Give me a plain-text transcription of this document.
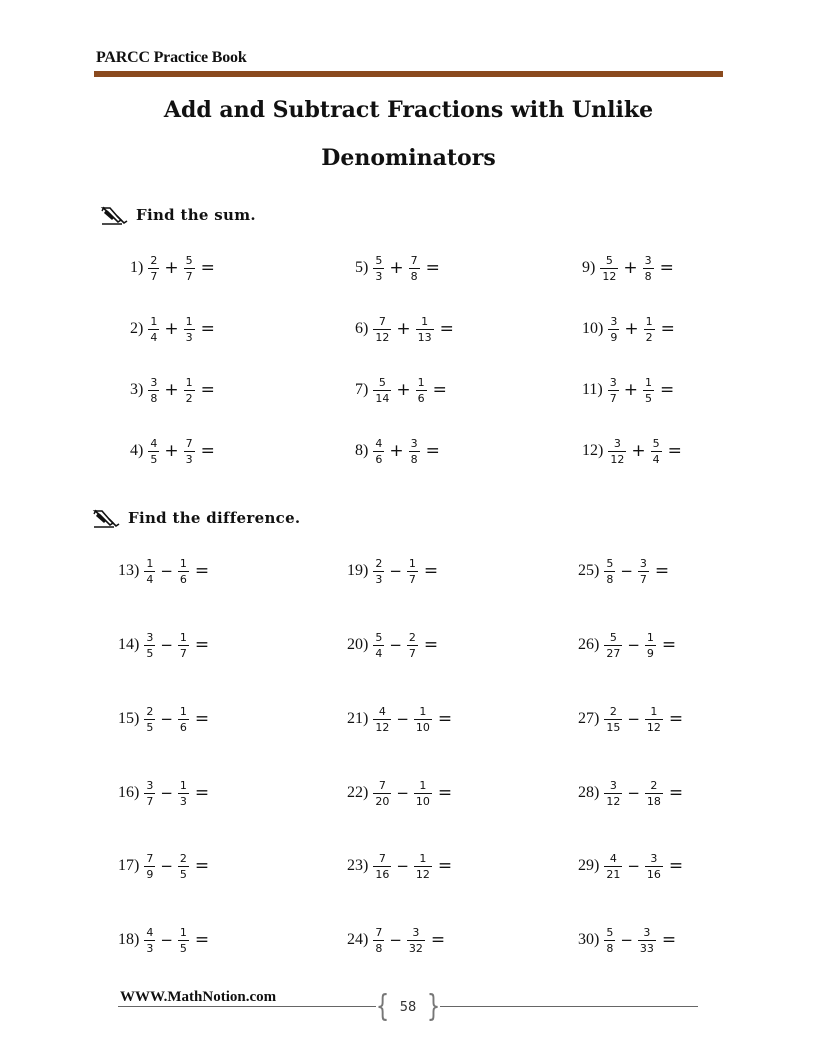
PARCC Practice Book
Add and Subtract Fractions with Unlike
Denominators
Find the sum.
Find the difference.
$1) \frac{2}{7} + \frac{5}{7}$ =
$2) \frac{1}{4} + \frac{1}{3}$ =
$3) \frac{3}{8} + \frac{1}{2}$ =
$4) \frac{4}{5} + \frac{7}{3}$ =
$5) \frac{5}{3} + \frac{7}{8}$ =
$6) \frac{7}{12} + \frac{1}{13}$ =
$7) \frac{5}{14} + \frac{1}{6}$ =
$8) \frac{4}{6} + \frac{3}{8}$ =
$9) \frac{5}{12} + \frac{3}{8}$ =
$10) \frac{3}{9} + \frac{1}{2}$ =
$11) \frac{3}{7} + \frac{1}{5}$ =
$12) \frac{3}{12} + \frac{5}{4}$ =
$13) \frac{1}{4} - \frac{1}{6}$ =
$14) \frac{3}{5} - \frac{1}{7}$ =
$15) \frac{2}{5} - \frac{1}{6}$ =
$16) \frac{3}{7} - \frac{1}{3}$ =
$17) \frac{7}{9} - \frac{2}{5}$ =
$18) \frac{4}{3} - \frac{1}{5}$ =
$19) \frac{2}{3} - \frac{1}{7}$ =
$20) \frac{5}{4} - \frac{2}{7}$ =
$21) \frac{4}{12} - \frac{1}{10}$ =
$22) \frac{7}{20} - \frac{1}{10}$ =
$23) \frac{7}{16} - \frac{1}{12}$ =
$24) \frac{7}{8} - \frac{3}{32}$ =
$25) \frac{5}{8} - \frac{3}{7}$ =
$26) \frac{5}{27} - \frac{1}{9}$ =
$27) \frac{2}{15} - \frac{1}{12}$ =
$28) \frac{3}{12} - \frac{2}{18}$ =
$29) \frac{4}{21} - \frac{3}{16}$ =
$30) \frac{5}{8} - \frac{3}{33}$ =
WWW.MathNotion.com	{ 58 }
